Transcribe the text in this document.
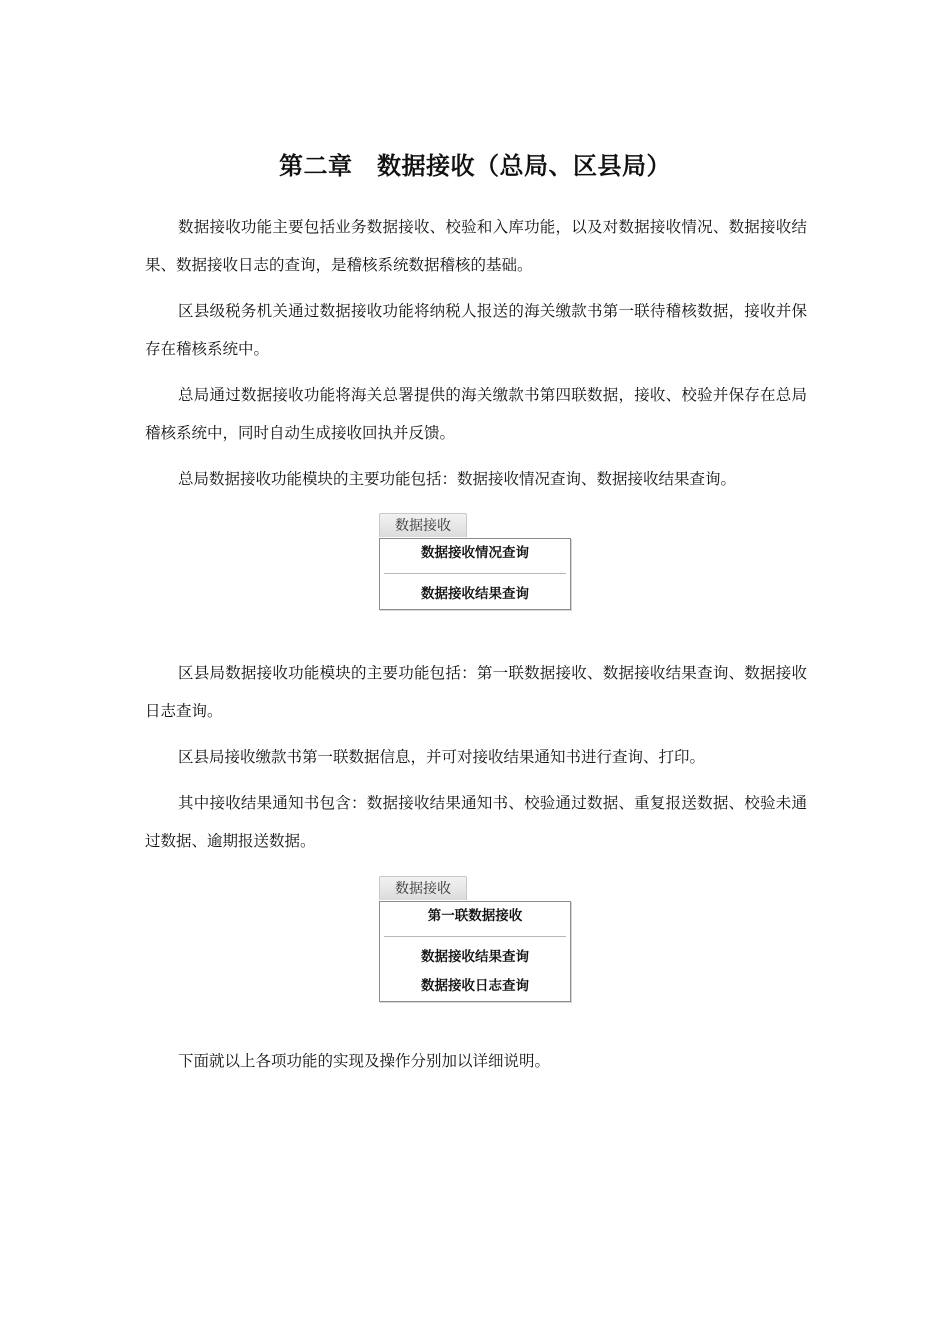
第二章　数据接收（总局、区县局）

数据接收功能主要包括业务数据接收、校验和入库功能，以及对数据接收情况、数据接收结果、数据接收日志的查询，是稽核系统数据稽核的基础。

区县级税务机关通过数据接收功能将纳税人报送的海关缴款书第一联待稽核数据，接收并保存在稽核系统中。

总局通过数据接收功能将海关总署提供的海关缴款书第四联数据，接收、校验并保存在总局稽核系统中，同时自动生成接收回执并反馈。

总局数据接收功能模块的主要功能包括：数据接收情况查询、数据接收结果查询。

数据接收
数据接收情况查询
数据接收结果查询

区县局数据接收功能模块的主要功能包括：第一联数据接收、数据接收结果查询、数据接收日志查询。

区县局接收缴款书第一联数据信息，并可对接收结果通知书进行查询、打印。

其中接收结果通知书包含：数据接收结果通知书、校验通过数据、重复报送数据、校验未通过数据、逾期报送数据。

数据接收
第一联数据接收
数据接收结果查询
数据接收日志查询

下面就以上各项功能的实现及操作分别加以详细说明。
